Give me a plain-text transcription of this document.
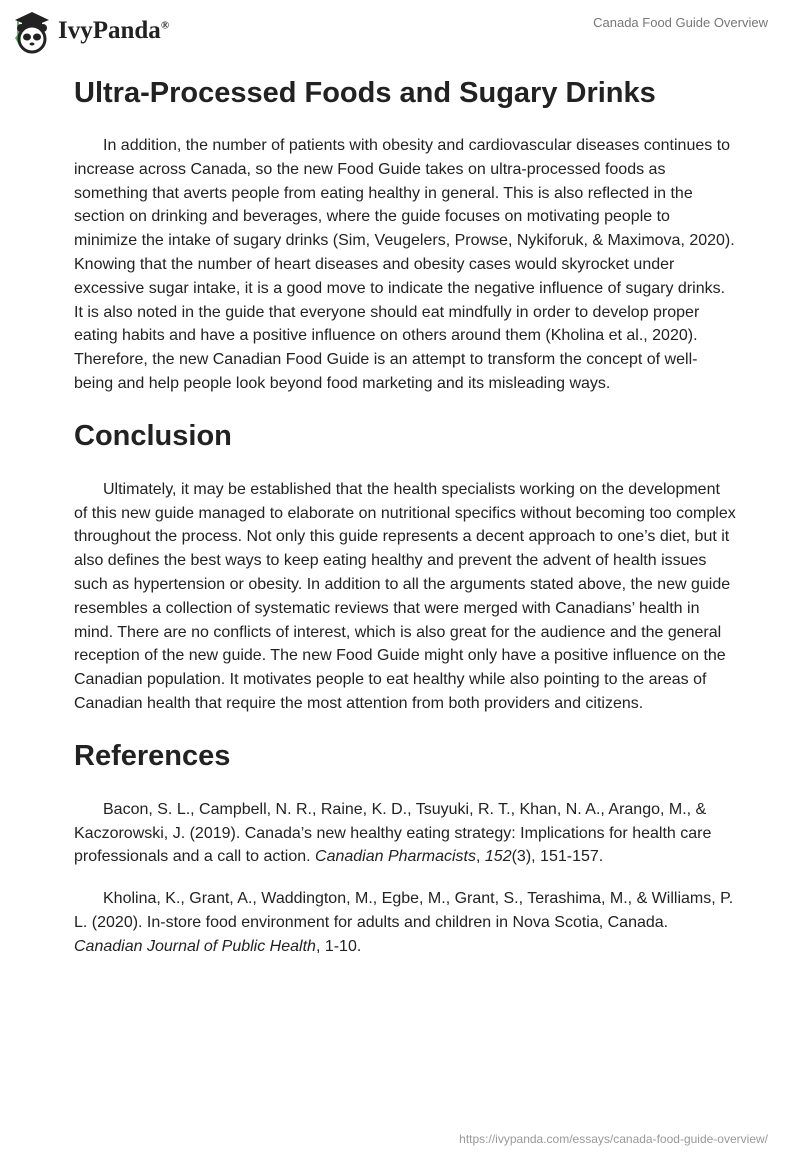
IvyPanda®	Canada Food Guide Overview
Ultra-Processed Foods and Sugary Drinks

In addition, the number of patients with obesity and cardiovascular diseases continues to increase across Canada, so the new Food Guide takes on ultra-processed foods as something that averts people from eating healthy in general. This is also reflected in the section on drinking and beverages, where the guide focuses on motivating people to minimize the intake of sugary drinks (Sim, Veugelers, Prowse, Nykiforuk, & Maximova, 2020). Knowing that the number of heart diseases and obesity cases would skyrocket under excessive sugar intake, it is a good move to indicate the negative influence of sugary drinks. It is also noted in the guide that everyone should eat mindfully in order to develop proper eating habits and have a positive influence on others around them (Kholina et al., 2020). Therefore, the new Canadian Food Guide is an attempt to transform the concept of well-being and help people look beyond food marketing and its misleading ways.

Conclusion

Ultimately, it may be established that the health specialists working on the development of this new guide managed to elaborate on nutritional specifics without becoming too complex throughout the process. Not only this guide represents a decent approach to one’s diet, but it also defines the best ways to keep eating healthy and prevent the advent of health issues such as hypertension or obesity. In addition to all the arguments stated above, the new guide resembles a collection of systematic reviews that were merged with Canadians’ health in mind. There are no conflicts of interest, which is also great for the audience and the general reception of the new guide. The new Food Guide might only have a positive influence on the Canadian population. It motivates people to eat healthy while also pointing to the areas of Canadian health that require the most attention from both providers and citizens.

References

Bacon, S. L., Campbell, N. R., Raine, K. D., Tsuyuki, R. T., Khan, N. A., Arango, M., & Kaczorowski, J. (2019). Canada’s new healthy eating strategy: Implications for health care professionals and a call to action. Canadian Pharmacists, 152(3), 151-157.

Kholina, K., Grant, A., Waddington, M., Egbe, M., Grant, S., Terashima, M., & Williams, P. L. (2020). In-store food environment for adults and children in Nova Scotia, Canada. Canadian Journal of Public Health, 1-10.

https://ivypanda.com/essays/canada-food-guide-overview/
